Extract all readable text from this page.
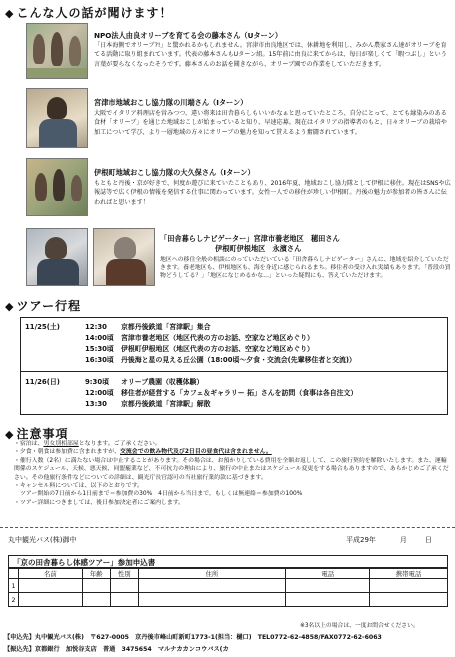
◆ こんな人の話が聞けます！
NPO法人由良オリーブを育てる会の藤本さん（Uターン）
「日本海側でオリーブ?!」と驚かれるかもしれません。宮津市由良地区では、休耕地を利用し、みかん農家さん達がオリーブを育てる活動に取り組まれています。代表の藤本さんもUターン組。15年前に由良に来てからは、毎日が楽しくて「暇つぶし」という言葉が要らなくなったそうです。藤本さんのお話を聞きながら、オリーブ園での作業をしていただきます。
宮津市地域おこし協力隊の川端さん（Iターン）
大阪でイタリア料理店を営みつつ、違い将来は田舎暮らしもいいかなぁと思っていたところ、自分にとって、とても縁染みのある食材「オリーブ」を通じた地域おこしが始まっていると知り、早速応募。現在はイタリアの指導者のもと、日々オリーブの栽培や加工について学び、より一層地域の方々にオリーブの魅力を知って貰えるよう奮闘されています。
伊根町地域おこし協力隊の大久保さん（Iターン）
もともと丹後・京が好きで、何度か遊びに来ていたこともあり、2016年夏、地域おこし協力隊として伊根に移住。現在はSNSや広報誌等で広く伊根の情報を発信する仕事に関わっています。女性一人での移住が珍しい伊根町。丹後の魅力が参加者の皆さんに伝わればと思います！
「田舎暮らしナビゲーター」宮津市養老地区　穂田さん
伊根町伊根地区　永濱さん
地区への移住全般の相談にのっていただいている「田舎暮らしナビゲーター」さんに、地域を紹介していただきます。養老地区も、伊根地区も、海を身近に感じられるまち。移住者の受け入れ実績もあります。「普段の買物どうしてる？」「地区になじめるかな…」といった疑問にも、答えていただけます。
◆ ツアー行程
11/25(土)	12:30 京都丹後鉄道「宮津駅」集合
14:00頃 宮津市養老地区（地区代表の方のお話、空家など地区めぐり）
15:30頃 伊根町伊根地区（地区代表の方のお話、空家など地区めぐり）
16:30頃 丹後海と星の見える丘公園（18:00頃～夕食・交流会(先輩移住者と交流)）
11/26(日)	9:30頃 オリーブ農園（収穫体験）
12:00頃 移住者が経営する「カフェ＆ギャラリー 拓」さんを訪問（食事は各自注文）
13:30 京都丹後鉄道「宮津駅」解散
◆ 注意事項
・宿泊は、男女別相部屋となります。ご了承ください。
・夕食・朝食は参加費に含まれますが、交流会での飲み物代及び2日目の昼食代は含まれません。
・催行人数（2名）に満たない場合は中止することがあります。その場合は、お預かりしている費用を全額お返しして、この旅行契約を解除いたします。また、運輸関係のスケジュール、天候、悪天候、同盟罷業など、不可抗力の理由により、旅行の中止またはスケジュール変更をする場合もありますので、あらかじめご了承ください。その他旅行条件などについての詳細は、観光庁長官認可の当社旅行業約款に基づきます。
・キャンセル料については、以下のとおりです。
　ツアー開始の7日前から1日前まで＝参加費の30%　4日前から当日まで、もしくは無連絡＝参加費の100%
・ツアー詳細につきましては、後日参加決定者にご案内します。
丸中観光バス(株)御中	平成29年	月	日
「京の田舎暮らし体感ツアー」参加申込書
	名前	年齢	性別	住所	電話	携帯電話
1						
2						
※3名以上の場合は、一度お問合せください。
【申込先】丸中観光バス(株)　〒627-0005　京丹後市峰山町新町1773-1(担当：樋口)　TEL0772-62-4858/FAX0772-62-6063
【振込先】京都銀行　加悦谷支店　普通　3475654　マルナカカンコウバス(カ
